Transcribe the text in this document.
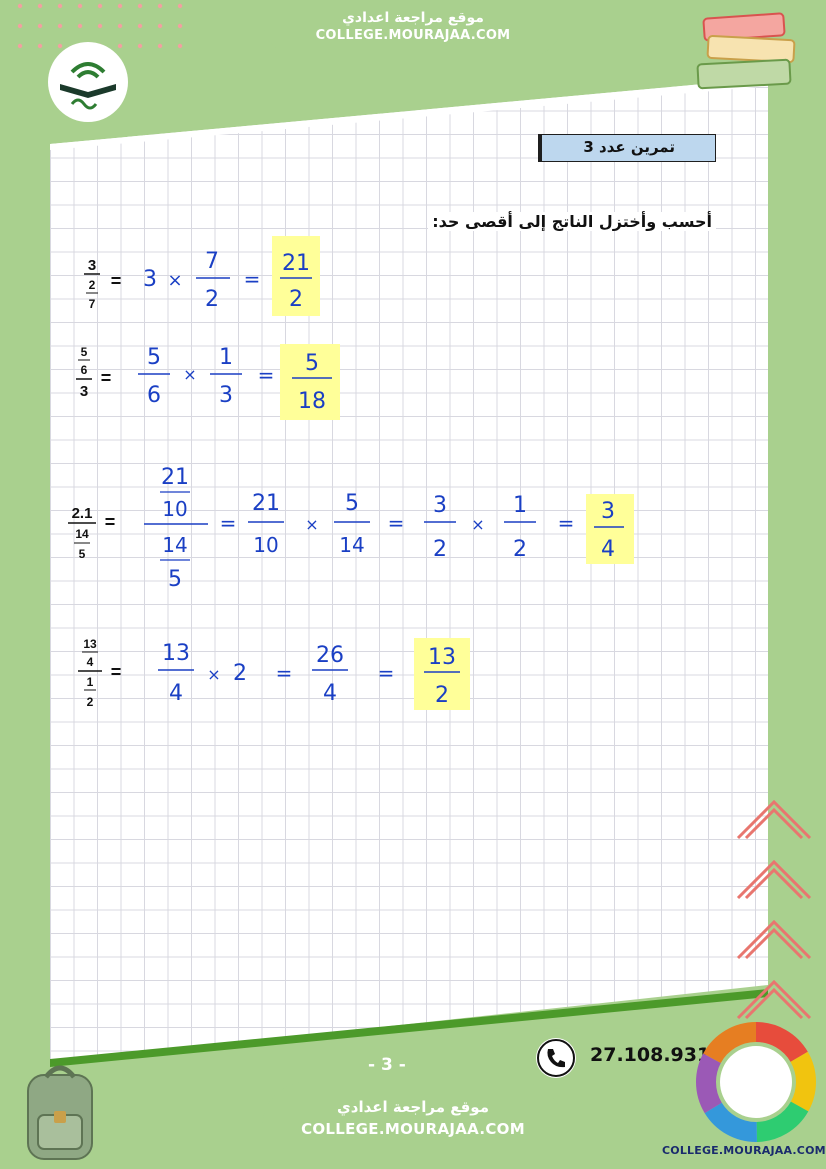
موقع مراجعة اعدادي
COLLEGE.MOURAJAA.COM
تمرين عدد 3
أحسب وأختزل الناتج إلى أقصى حد:
3
2
7
= 3 ×
7
2
=
21
2
5
6
3
=
5
6
×
1
3
= 5
18
2.1
14
5
=
21
10
14
5
=
21
10
×
5
14
=
3
2
×
1
2
= 3
4
13
4
1
2
=
13
4
× 2 =
26
4
=
13
2
- 3 -	27.108.931
COLLEGE.MOURAJAA.COM
موقع مراجعة اعدادي
COLLEGE.MOURAJAA.COM
